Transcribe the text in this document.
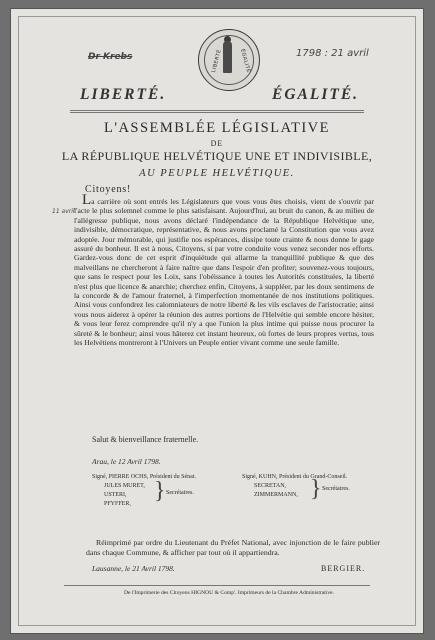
Dr Krebs	1798 : 21 avril
11 avril
LIBERTÉ	ÉGALITÉ
LIBERTÉ.	ÉGALITÉ.
L'ASSEMBLÉE LÉGISLATIVE
DE
LA RÉPUBLIQUE HELVÉTIQUE UNE ET INDIVISIBLE,
AU PEUPLE HELVÉTIQUE.
Citoyens!
La carrière où sont entrés les Législateurs que vous vous êtes choisis, vient de s'ouvrir par l'acte le plus solemnel comme le plus satisfaisant. Aujourd'hui, au bruit du canon, & au milieu de l'allégresse publique, nous avons déclaré l'indépendance de la République Helvétique une, indivisible, démocratique, représentative, & nous avons proclamé la Constitution que vous avez adoptée. Jour mémorable, qui justifie nos espérances, dissipe toute crainte & nous donne le gage assuré du bonheur. Il est à nous, Citoyens, si par votre conduite vous venez seconder nos efforts. Gardez-vous donc de cet esprit d'inquiétude qui allarme la tranquillité publique & que des malveillans ne chercheront à faire naître que dans l'espoir d'en profiter; souvenez-vous toujours, que sans le respect pour les Loix, sans l'obéissance à toutes les Autorités constituées, la liberté n'est plus que licence & anarchie; cherchez enfin, Citoyens, à suppléer, par les doux sentimens de la concorde & de l'amour fraternel, à l'imperfection momentanée de nos institutions politiques. Ainsi vous confondrez les calomniateurs de notre liberté & les vils esclaves de l'aristocratie; ainsi vous nous aiderez à opérer la réunion des autres portions de l'Helvétie qui semble encore hésiter, & vous leur ferez comprendre qu'il n'y a que l'union la plus intime qui puisse nous procurer la sûreté & le bonheur; ainsi vous hâterez cet instant heureux, où fortes de leurs propres vertus, tous les Helvétiens montreront à l'Univers un Peuple entier vivant comme une seule famille.
Salut & bienveillance fraternelle.
Arau, le 12 Avril 1798.
Signé, PIERRE OCHS, Président du Sénat.
JULES MURET,
USTERI,
PFYFFER, } Secrétaires.
Signé, KUHN, Président du Grand-Conseil.
SECRETAN,
ZIMMERMANN, } Secrétaires.
Réimprimé par ordre du Lieutenant du Préfet National, avec injonction de le faire publier dans chaque Commune, & afficher par tout où il appartiendra.
Lausanne, le 21 Avril 1798.	BERGIER.
De l'Imprimerie des Citoyens HIGNOU & Comp'. Imprimeurs de la Chambre Administrative.
